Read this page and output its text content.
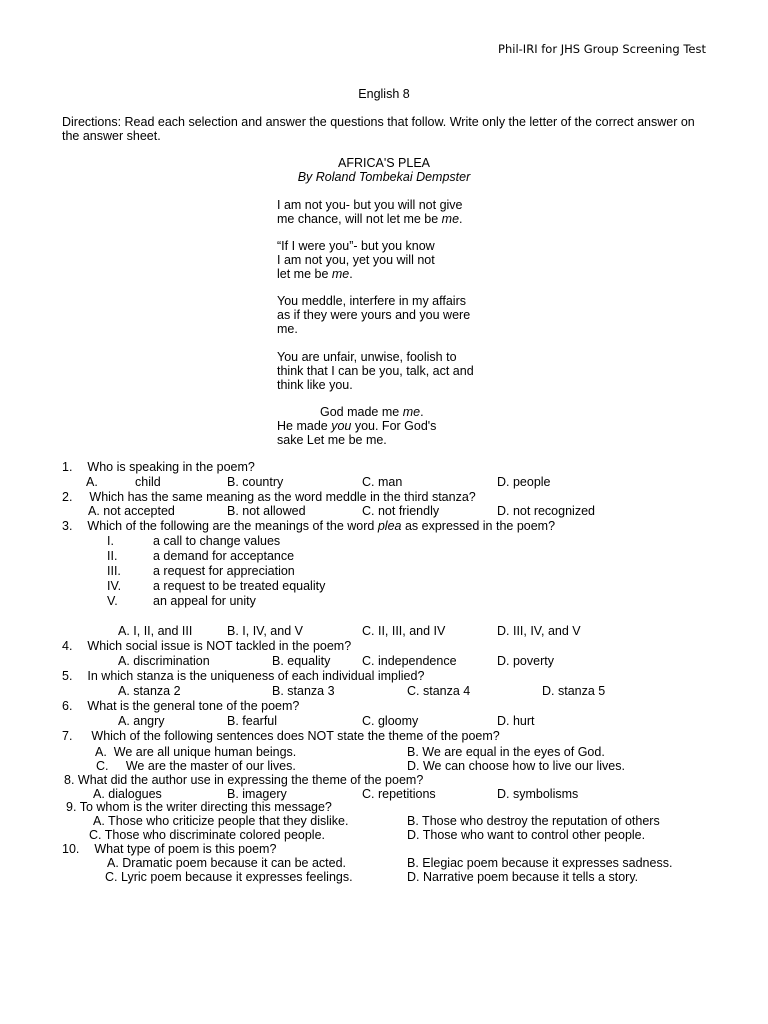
Phil-IRI for JHS Group Screening Test
English 8
Directions: Read each selection and answer the questions that follow. Write only the letter of the correct answer on the answer sheet.
AFRICA'S PLEA
By Roland Tombekai Dempster
I am not you- but you will not give
me chance, will not let me be me.
“If I were you”- but you know
I am not you, yet you will not
let me be me.
You meddle, interfere in my affairs
as if they were yours and you were
me.
You are unfair, unwise, foolish to
think that I can be you, talk, act and
think like you.
God made me me.
He made you you. For God's
sake Let me be me.
1. Who is speaking in the poem?
A.	child	B. country	C. man	D. people
2. Which has the same meaning as the word meddle in the third stanza?
A. not accepted	B. not allowed	C. not friendly	D. not recognized
3. Which of the following are the meanings of the word plea as expressed in the poem?
I.	a call to change values
II.	a demand for acceptance
III.	a request for appreciation
IV.	a request to be treated equality
V.	an appeal for unity
A. I, II, and III	B. I, IV, and V	C. II, III, and IV	D. III, IV, and V
4. Which social issue is NOT tackled in the poem?
A. discrimination	B. equality	C. independence	D. poverty
5. In which stanza is the uniqueness of each individual implied?
A. stanza 2	B. stanza 3	C. stanza 4	D. stanza 5
6. What is the general tone of the poem?
A. angry	B. fearful	C. gloomy	D. hurt
7. Which of the following sentences does NOT state the theme of the poem?
A.  We are all unique human beings.	B. We are equal in the eyes of God.
C.     We are the master of our lives.	D. We can choose how to live our lives.
8. What did the author use in expressing the theme of the poem?
A. dialogues	B. imagery	C. repetitions	D. symbolisms
9. To whom is the writer directing this message?
A. Those who criticize people that they dislike.	B. Those who destroy the reputation of others
C. Those who discriminate colored people.	D. Those who want to control other people.
10. What type of poem is this poem?
A. Dramatic poem because it can be acted.	B. Elegiac poem because it expresses sadness.
C. Lyric poem because it expresses feelings.	D. Narrative poem because it tells a story.
